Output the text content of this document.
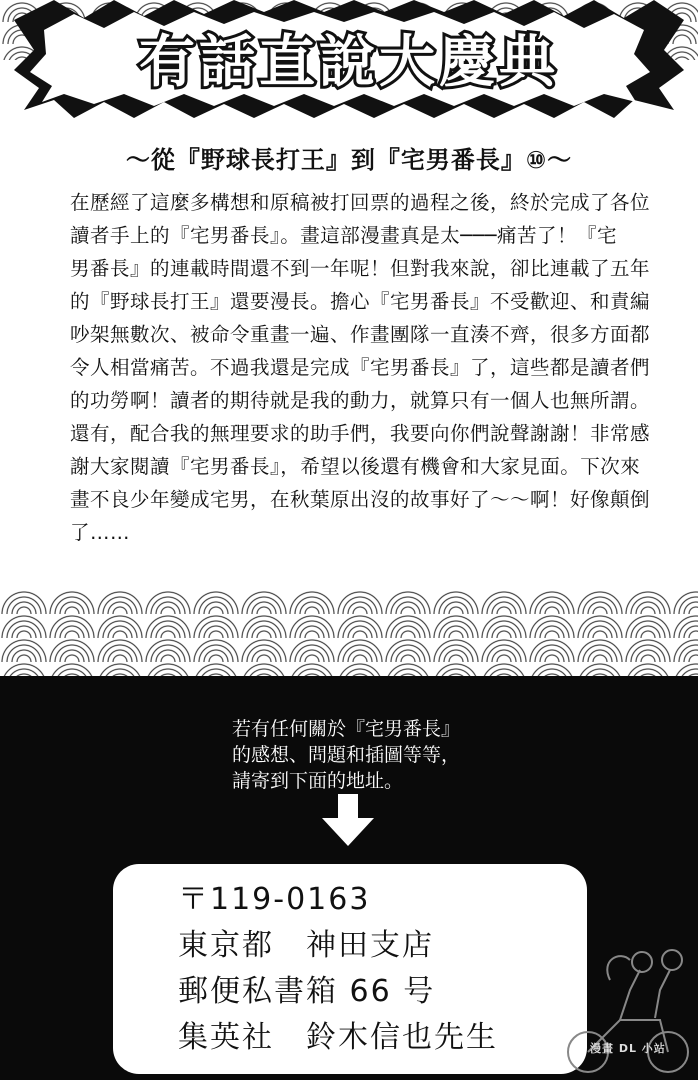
有話直說大慶典
～從『野球長打王』到『宅男番長』⑩～
在歷經了這麼多構想和原稿被打回票的過程之後，終於完成了各位
讀者手上的『宅男番長』。畫這部漫畫真是太───痛苦了！『宅
男番長』的連載時間還不到一年呢！但對我來說，卻比連載了五年
的『野球長打王』還要漫長。擔心『宅男番長』不受歡迎、和責編
吵架無數次、被命令重畫一遍、作畫團隊一直湊不齊，很多方面都
令人相當痛苦。不過我還是完成『宅男番長』了，這些都是讀者們
的功勞啊！讀者的期待就是我的動力，就算只有一個人也無所謂。
還有，配合我的無理要求的助手們，我要向你們說聲謝謝！非常感
謝大家閱讀『宅男番長』，希望以後還有機會和大家見面。下次來
畫不良少年變成宅男，在秋葉原出沒的故事好了～～啊！好像顛倒
了……
若有任何關於『宅男番長』
的感想、問題和插圖等等，
請寄到下面的地址。
〒119-0163
東京都　神田支店
郵便私書箱 66 号
集英社　鈴木信也先生	漫畫 DL 小站
